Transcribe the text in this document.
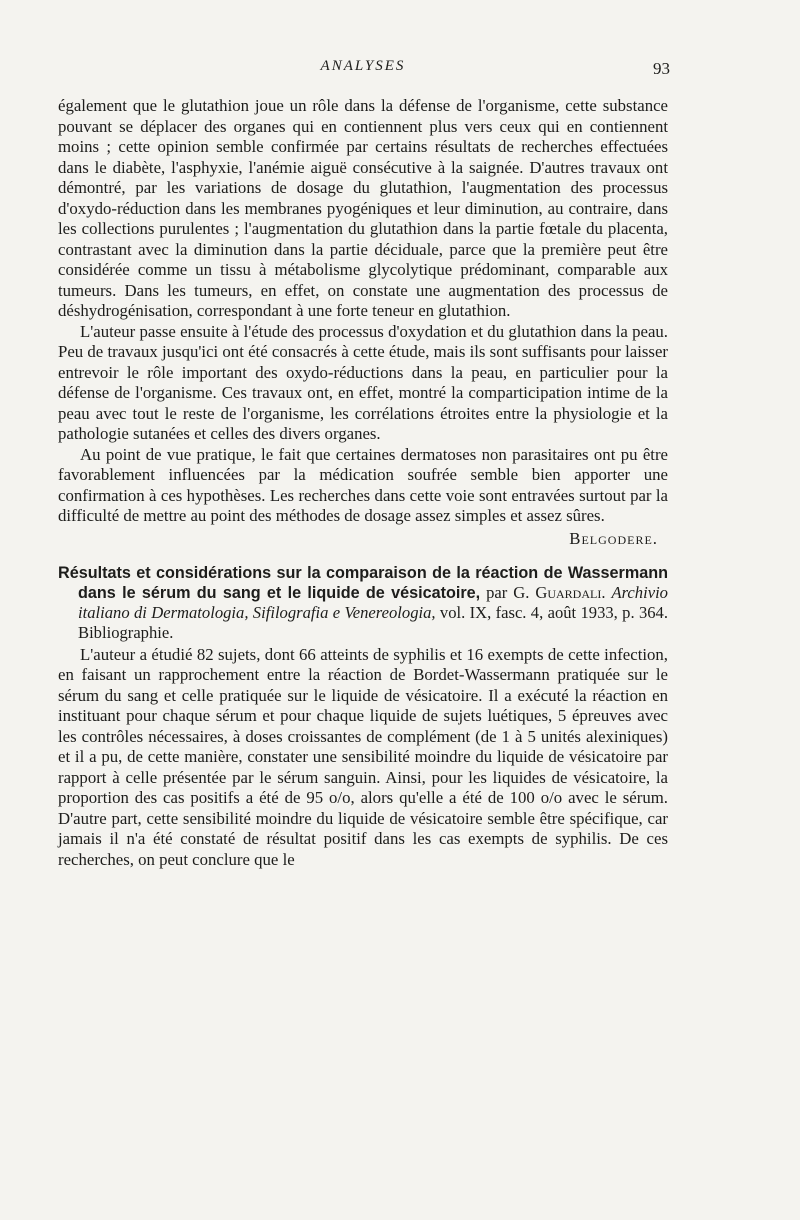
ANALYSES	93

également que le glutathion joue un rôle dans la défense de l'organisme, cette substance pouvant se déplacer des organes qui en contiennent plus vers ceux qui en contiennent moins ; cette opinion semble confirmée par certains résultats de recherches effectuées dans le diabète, l'asphyxie, l'anémie aiguë consécutive à la saignée. D'autres travaux ont démontré, par les variations de dosage du glutathion, l'augmentation des processus d'oxydo-réduction dans les membranes pyogéniques et leur diminution, au contraire, dans les collections purulentes ; l'augmentation du glutathion dans la partie fœtale du placenta, contrastant avec la diminution dans la partie déciduale, parce que la première peut être considérée comme un tissu à métabolisme glycolytique prédominant, comparable aux tumeurs. Dans les tumeurs, en effet, on constate une augmentation des processus de déshydrogénisation, correspondant à une forte teneur en glutathion.

L'auteur passe ensuite à l'étude des processus d'oxydation et du glutathion dans la peau. Peu de travaux jusqu'ici ont été consacrés à cette étude, mais ils sont suffisants pour laisser entrevoir le rôle important des oxydo-réductions dans la peau, en particulier pour la défense de l'organisme. Ces travaux ont, en effet, montré la comparticipation intime de la peau avec tout le reste de l'organisme, les corrélations étroites entre la physiologie et la pathologie sutanées et celles des divers organes.

Au point de vue pratique, le fait que certaines dermatoses non parasitaires ont pu être favorablement influencées par la médication soufrée semble bien apporter une confirmation à ces hypothèses. Les recherches dans cette voie sont entravées surtout par la difficulté de mettre au point des méthodes de dosage assez simples et assez sûres.

Belgodere.
Résultats et considérations sur la comparaison de la réaction de Wassermann dans le sérum du sang et le liquide de vésicatoire, par G. Guardali. Archivio italiano di Dermatologia, Sifilografia e Venereologia, vol. IX, fasc. 4, août 1933, p. 364. Bibliographie.

L'auteur a étudié 82 sujets, dont 66 atteints de syphilis et 16 exempts de cette infection, en faisant un rapprochement entre la réaction de Bordet-Wassermann pratiquée sur le sérum du sang et celle pratiquée sur le liquide de vésicatoire. Il a exécuté la réaction en instituant pour chaque sérum et pour chaque liquide de sujets luétiques, 5 épreuves avec les contrôles nécessaires, à doses croissantes de complément (de 1 à 5 unités alexiniques) et il a pu, de cette manière, constater une sensibilité moindre du liquide de vésicatoire par rapport à celle présentée par le sérum sanguin. Ainsi, pour les liquides de vésicatoire, la proportion des cas positifs a été de 95 o/o, alors qu'elle a été de 100 o/o avec le sérum. D'autre part, cette sensibilité moindre du liquide de vésicatoire semble être spécifique, car jamais il n'a été constaté de résultat positif dans les cas exempts de syphilis. De ces recherches, on peut conclure que le
